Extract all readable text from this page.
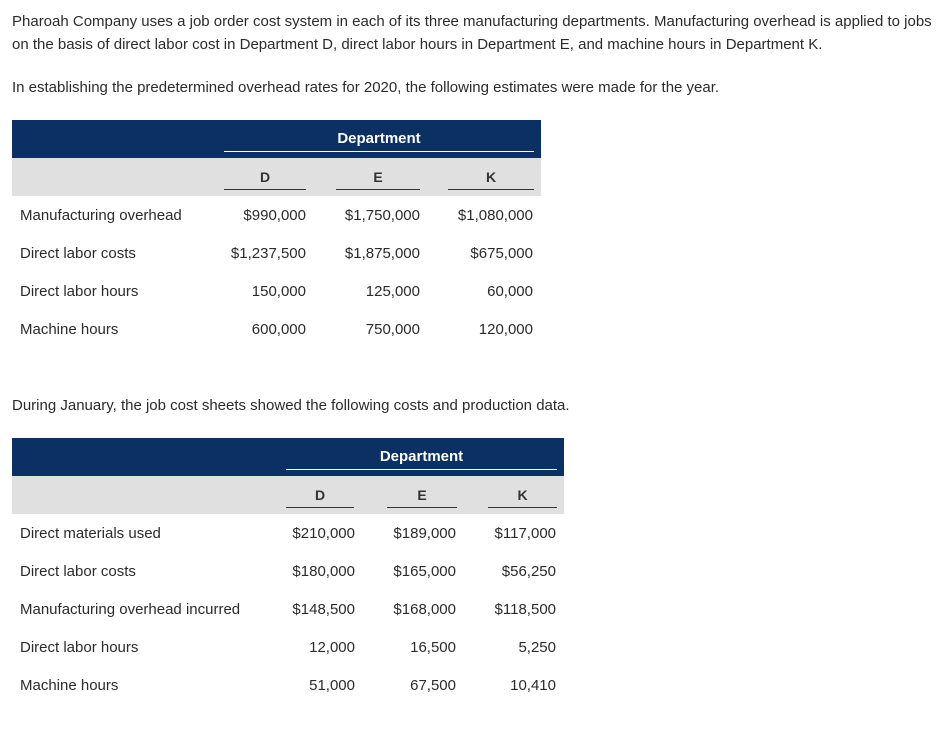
Pharoah Company uses a job order cost system in each of its three manufacturing departments. Manufacturing overhead is applied to jobs on the basis of direct labor cost in Department D, direct labor hours in Department E, and machine hours in Department K.

In establishing the predetermined overhead rates for 2020, the following estimates were made for the year.

Department
D	E	K
Manufacturing overhead	$990,000	$1,750,000	$1,080,000
Direct labor costs	$1,237,500	$1,875,000	$675,000
Direct labor hours	150,000	125,000	60,000
Machine hours	600,000	750,000	120,000

During January, the job cost sheets showed the following costs and production data.

Department
D	E	K
Direct materials used	$210,000	$189,000	$117,000
Direct labor costs	$180,000	$165,000	$56,250
Manufacturing overhead incurred	$148,500	$168,000	$118,500
Direct labor hours	12,000	16,500	5,250
Machine hours	51,000	67,500	10,410
